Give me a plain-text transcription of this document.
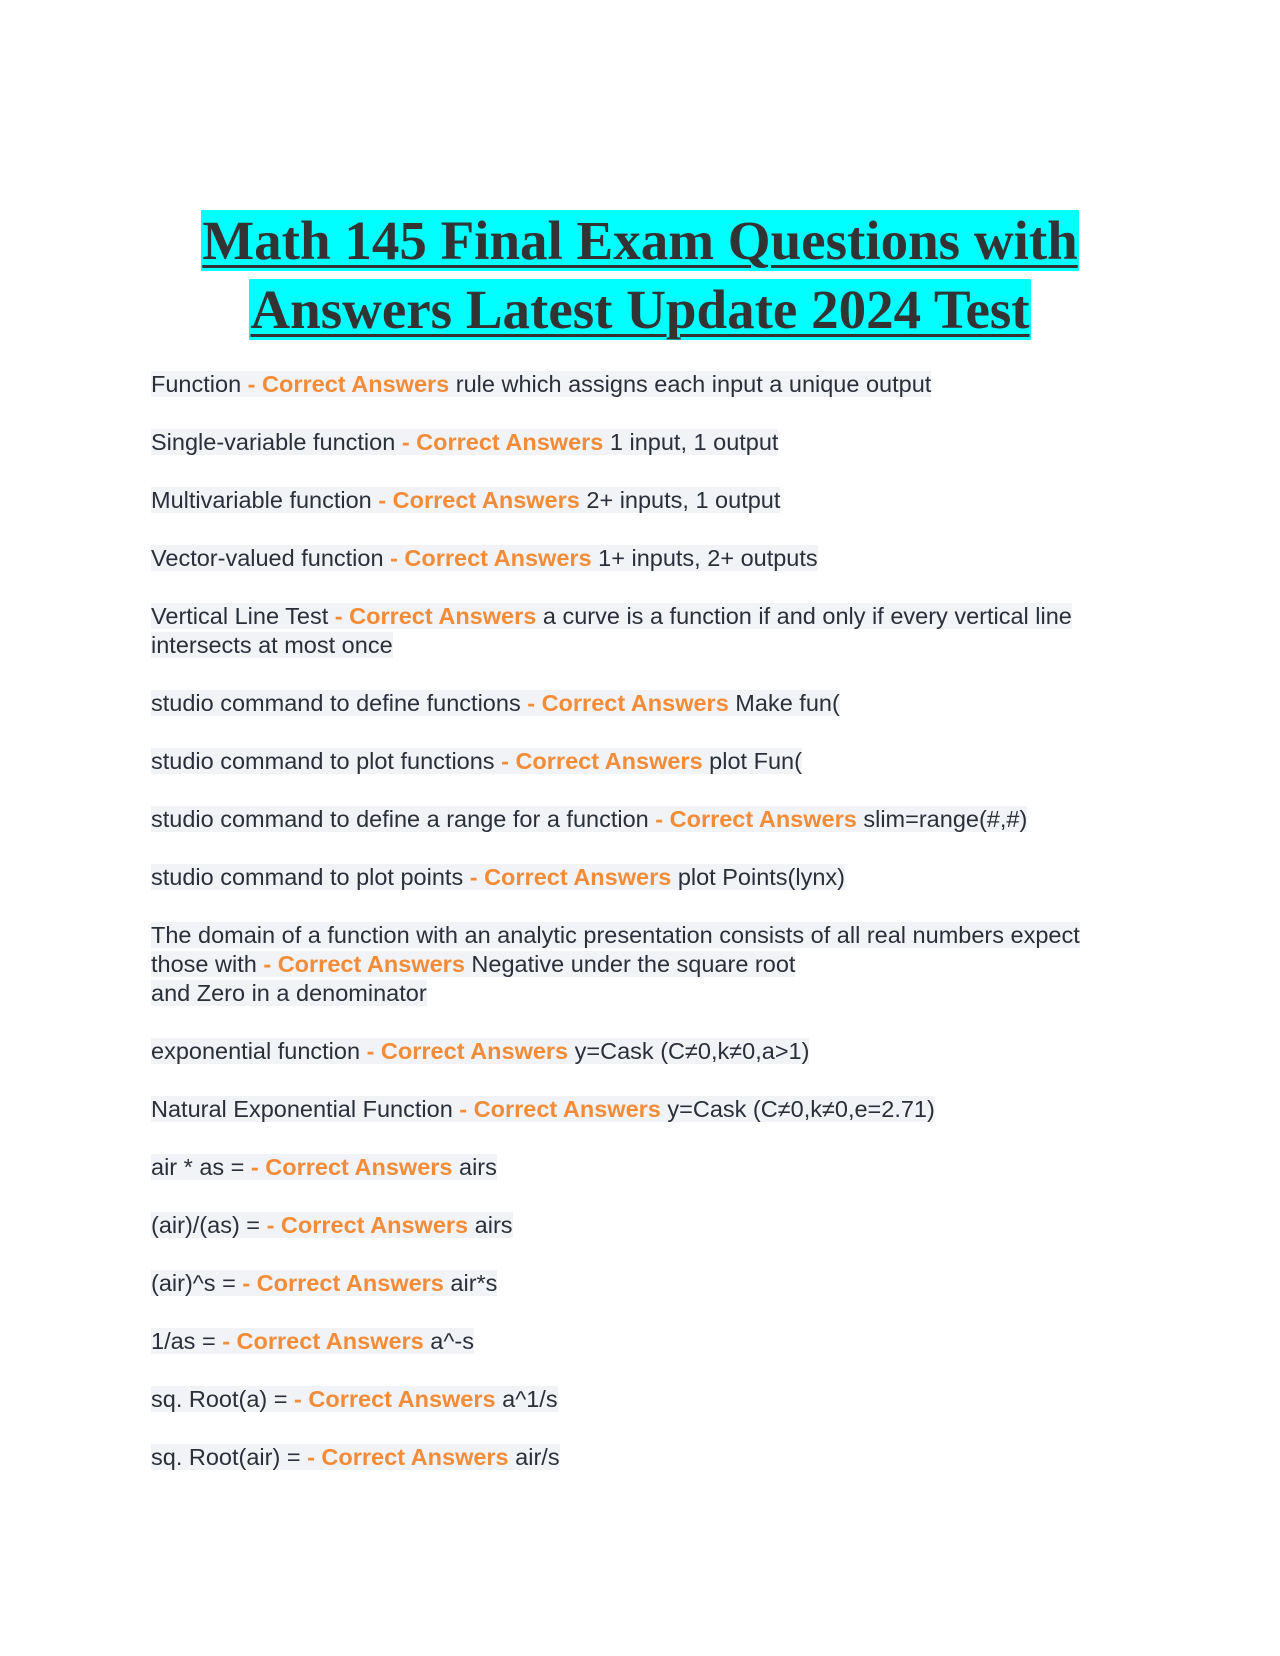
Math 145 Final Exam Questions with
Answers Latest Update 2024 Test

Function - Correct Answers rule which assigns each input a unique output

Single-variable function - Correct Answers 1 input, 1 output

Multivariable function - Correct Answers 2+ inputs, 1 output

Vector-valued function - Correct Answers 1+ inputs, 2+ outputs

Vertical Line Test - Correct Answers a curve is a function if and only if every vertical line intersects at most once

studio command to define functions - Correct Answers Make fun(

studio command to plot functions - Correct Answers plot Fun(

studio command to define a range for a function - Correct Answers slim=range(#,#)

studio command to plot points - Correct Answers plot Points(lynx)

The domain of a function with an analytic presentation consists of all real numbers expect those with - Correct Answers Negative under the square root
and Zero in a denominator

exponential function - Correct Answers y=Cask (C≠0,k≠0,a>1)

Natural Exponential Function - Correct Answers y=Cask (C≠0,k≠0,e=2.71)

air * as = - Correct Answers airs

(air)/(as) = - Correct Answers airs

(air)^s = - Correct Answers air*s

1/as = - Correct Answers a^-s

sq. Root(a) = - Correct Answers a^1/s

sq. Root(air) = - Correct Answers air/s
